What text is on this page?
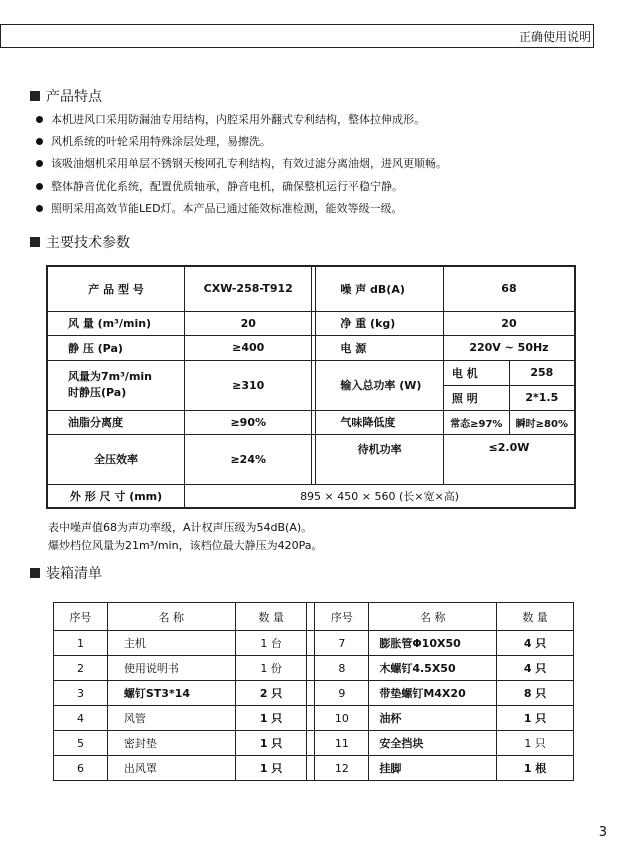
正确使用说明
产品特点
本机进风口采用防漏油专用结构，内腔采用外翻式专利结构，整体拉伸成形。
风机系统的叶轮采用特殊涂层处理，易擦洗。
该吸油烟机采用单层不锈钢天梭网孔专利结构，有效过滤分离油烟，进风更顺畅。
整体静音优化系统，配置优质轴承，静音电机，确保整机运行平稳宁静。
照明采用高效节能LED灯。本产品已通过能效标准检测，能效等级一级。
主要技术参数
产 品 型 号	CXW-258-T912		噪 声 dB(A)	68	
风 量 (m³/min)	20		净 重 (kg)	20	
静 压 (Pa)	≥400		电 源	220V ~ 50Hz	

风量为7m³/min
时静压(Pa)	≥310		输入总功率 (W)	电 机	258
				照 明	2*1.5
油脂分离度	≥90%		气味降低度	常态≥97%	瞬时≥80%
全压效率	≥24%		待机功率	≤2.0W	
外 形 尺 寸 (mm)	895 × 450 × 560 (长×宽×高)				
表中噪声值68为声功率级，A计权声压级为54dB(A)。
爆炒档位风量为21m³/min，该档位最大静压为420Pa。
装箱清单
序号	名 称	数 量		序号	名 称	数 量
1	主机	1 台		7	膨胀管Φ10X50	4 只
2	使用说明书	1 份		8	木螺钉4.5X50	4 只
3	螺钉ST3*14	2 只		9	带垫螺钉M4X20	8 只
4	风管	1 只		10	油杯	1 只
5	密封垫	1 只		11	安全挡块	1 只
6	出风罩	1 只		12	挂脚	1 根
3
